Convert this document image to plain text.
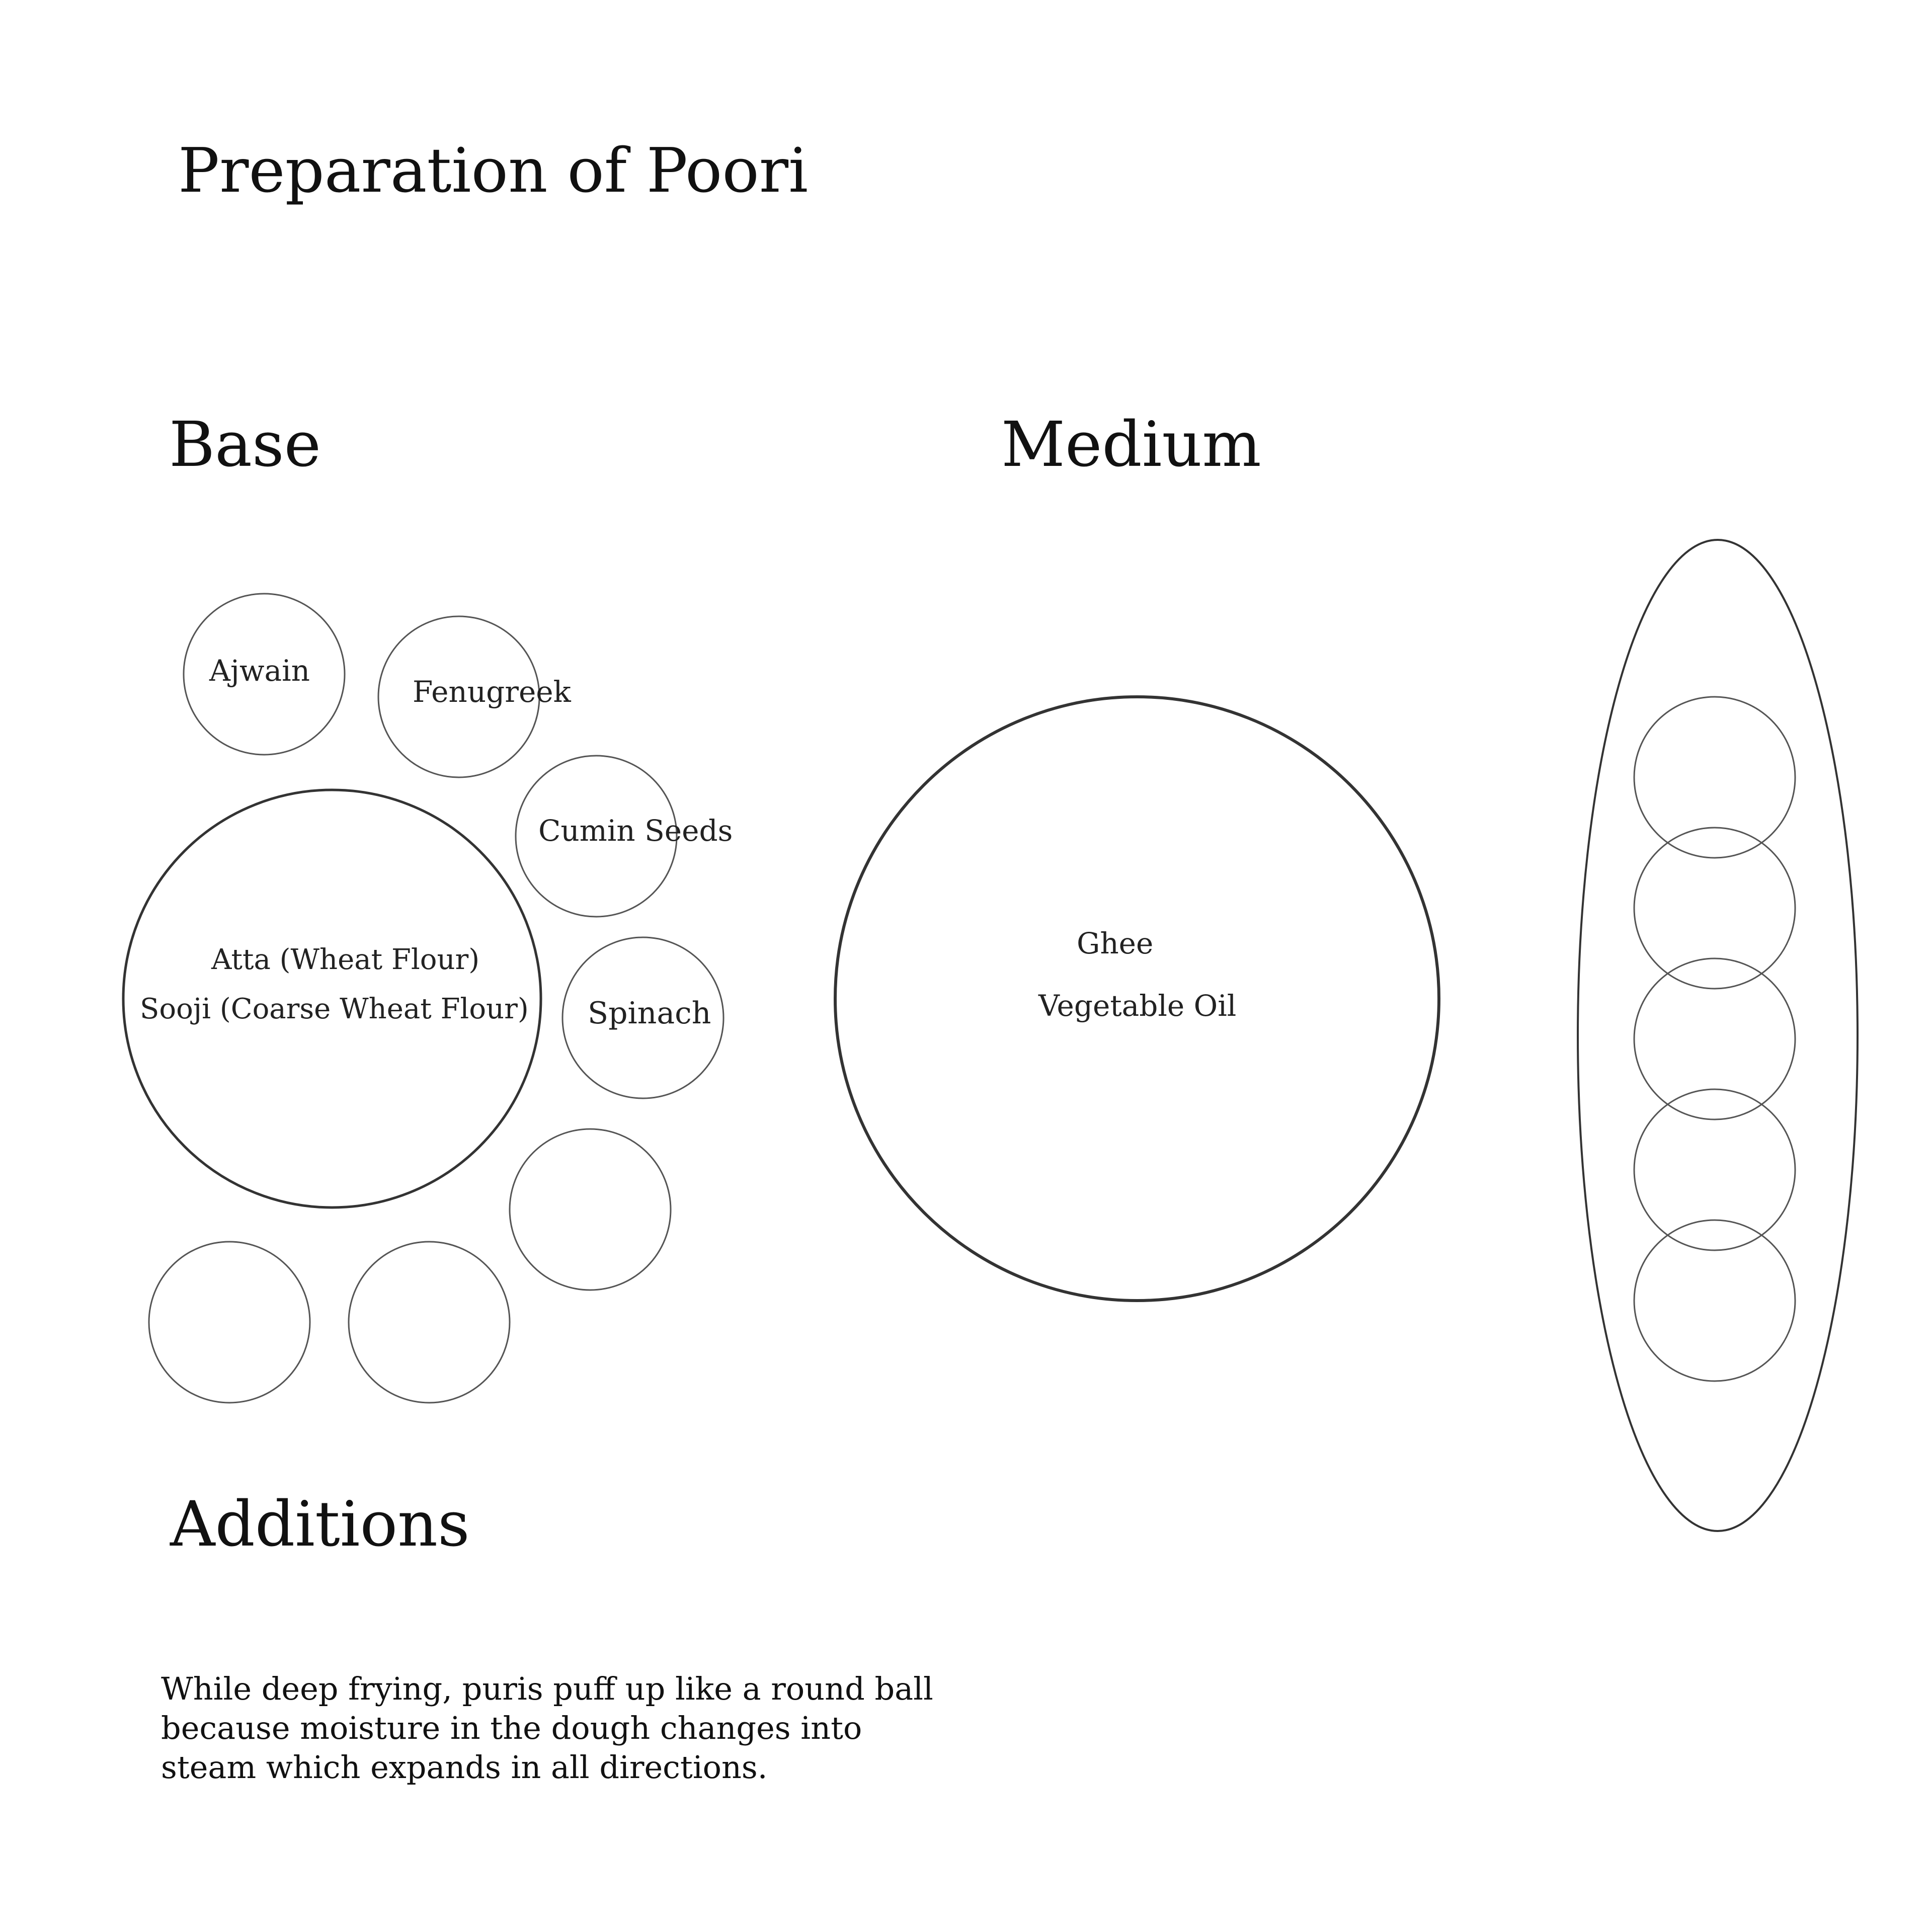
Preparation of Poori
Base	Medium
Additions
Ajwain
Fenugreek
Cumin Seeds
Spinach
Atta (Wheat Flour)
Sooji (Coarse Wheat Flour)
Ghee
Vegetable Oil
While deep frying, puris puff up like a round ball
because moisture in the dough changes into
steam which expands in all directions.
